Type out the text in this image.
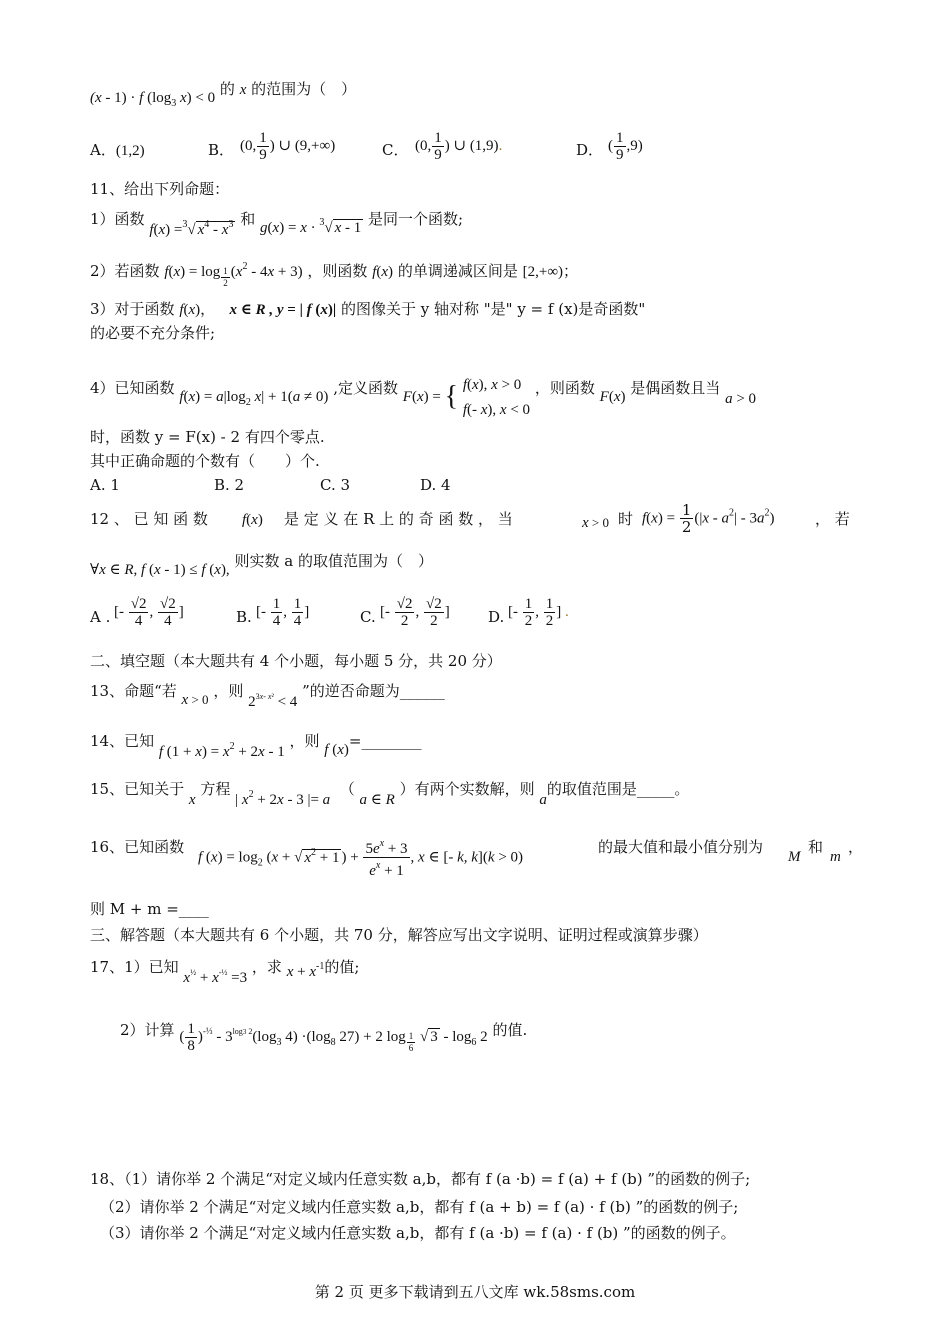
(x - 1) · f ($\log_3$ x) < 0 的 x 的范围为（　）
A．(1,2)	B． (0, $\frac{1}{9}$ ) ∪ (9,+∞)	C． (0, $\frac{1}{9}$ ) ∪ (1,9).	D． ( $\frac{1}{9} ,9$)
11、给出下列命题：
1）函数 f(x) =$^3$√ $x^4 - x^3$ 和 g(x) = x · $^3$√ x - 1 是同一个函数;
2）若函数 f(x) = log $_{\frac{1}{2}}$ $(x^2 - 4x + 3)$ ，则函数 f(x) 的单调递减区间是 [2,+∞)；
3）对于函数 f(x)，   x ∈ R , y = | f (x)| 的图像关于 y 轴对称 "是" y = f (x)是奇函数"
的必要不充分条件;
4）已知函数 $f(x) = a|\log_2$ x| + 1(a ≠ 0) ,定义函数 F(x) = { f(x), x > 0
f(- x), x < 0
，则函数 F(x) 是偶函数且当 a > 0
时，函数 y = F(x) - 2 有四个零点.
其中正确命题的个数有（　　）个.
A. 1	B. 2	C. 3	D. 4
12 、 已 知 函 数 f(x) 是 定 义 在 R 上 的 奇 函 数 ， 当	x > 0 时 $f(x) = \frac{1}{2} (|x - a^2| - 3a^2)$	， 若
∀x ∈ R, f (x - 1) ≤ f (x), 则实数 a 的取值范围为（　）
A . [- $\frac{√2}{4}$ , $\frac{√2}{4}$ ]	B. [- $\frac{1}{4}$ , $\frac{1}{4}$ ]	C. [- $\frac{√2}{2}$ , $\frac{√2}{2}$ ]	D. [- $\frac{1}{2}$ , $\frac{1}{2}$ ] .
二、填空题（本大题共有 4 个小题，每小题 5 分，共 20 分）
13、命题“若 x > 0 ，则 $2^{3x- x^2} < 4$ ”的逆否命题为______
14、已知 f $(1 + x) = x^2 + 2x - 1$ ，则 f (x)=________
15、已知关于 x 方程 | $x^2 + 2x - 3$ |= a  （ a ∈ R ）有两个实数解，则 a的取值范围是_____。
16、已知函数
f $(x) = \log_2 (x$ + √ $x^2 + 1$ ) + $\frac{5e^x + 3}{e^x + 1}$ , x ∈ [- k, k](k > 0)
的最大值和最小值分别为
M
和
m
，
则 M + m =____
三、解答题（本大题共有 6 个小题，共 70 分，解答应写出文字说明、证明过程或演算步骤）
17、1）已知 $x^{\frac{1}{2}} + x^{-\frac{1}{2}} =3$ ，求 $x + x^{-1}$的值;
2）计算 ( $\frac{1}{8} )^{-\frac{1}{3}} - 3^{log3 2}(\log_3$ $4) \cdot(\log_8$ 27) + 2 log $_{\frac{1}{6}}$ √ $3 - \log_6 2$ 的值.
18、（1）请你举 2 个满足“对定义域内任意实数 a,b，都有 f (a ·b) = f (a) + f (b) ”的函数的例子;
（2）请你举 2 个满足“对定义域内任意实数 a,b，都有 f (a + b) = f (a) · f (b) ”的函数的例子;
（3）请你举 2 个满足“对定义域内任意实数 a,b，都有 f (a ·b) = f (a) · f (b) ”的函数的例子。
第 2 页 更多下载请到五八文库 wk.58sms.com
